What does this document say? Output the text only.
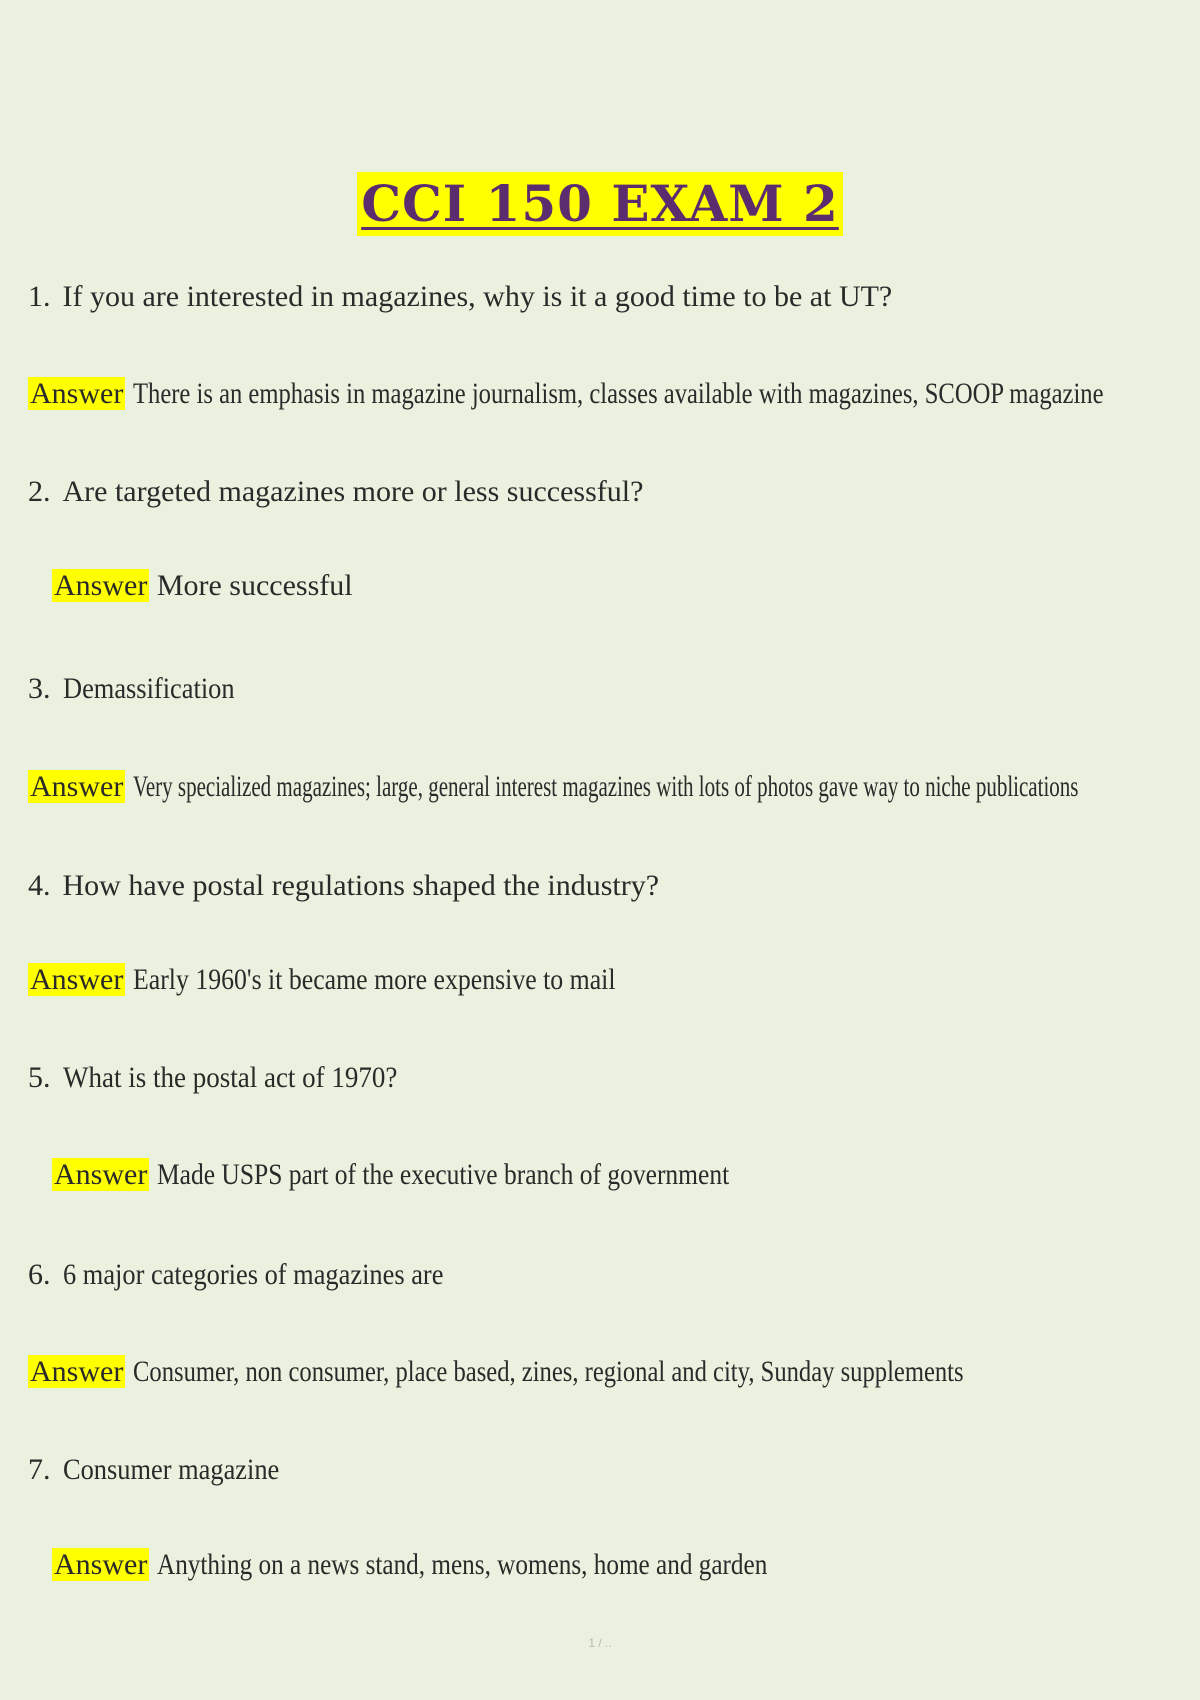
CCI 150 EXAM 2
1. If you are interested in magazines, why is it a good time to be at UT?
Answer There is an emphasis in magazine journalism, classes available with magazines, SCOOP magazine
2. Are targeted magazines more or less successful?
Answer More successful
3. Demassification
Answer Very specialized magazines; large, general interest magazines with lots of photos gave way to niche publications
4. How have postal regulations shaped the industry?
Answer Early 1960's it became more expensive to mail
5. What is the postal act of 1970?
Answer Made USPS part of the executive branch of government
6. 6 major categories of magazines are
Answer Consumer, non consumer, place based, zines, regional and city, Sunday supplements
7. Consumer magazine
Answer Anything on a news stand, mens, womens, home and garden
1 / ..
